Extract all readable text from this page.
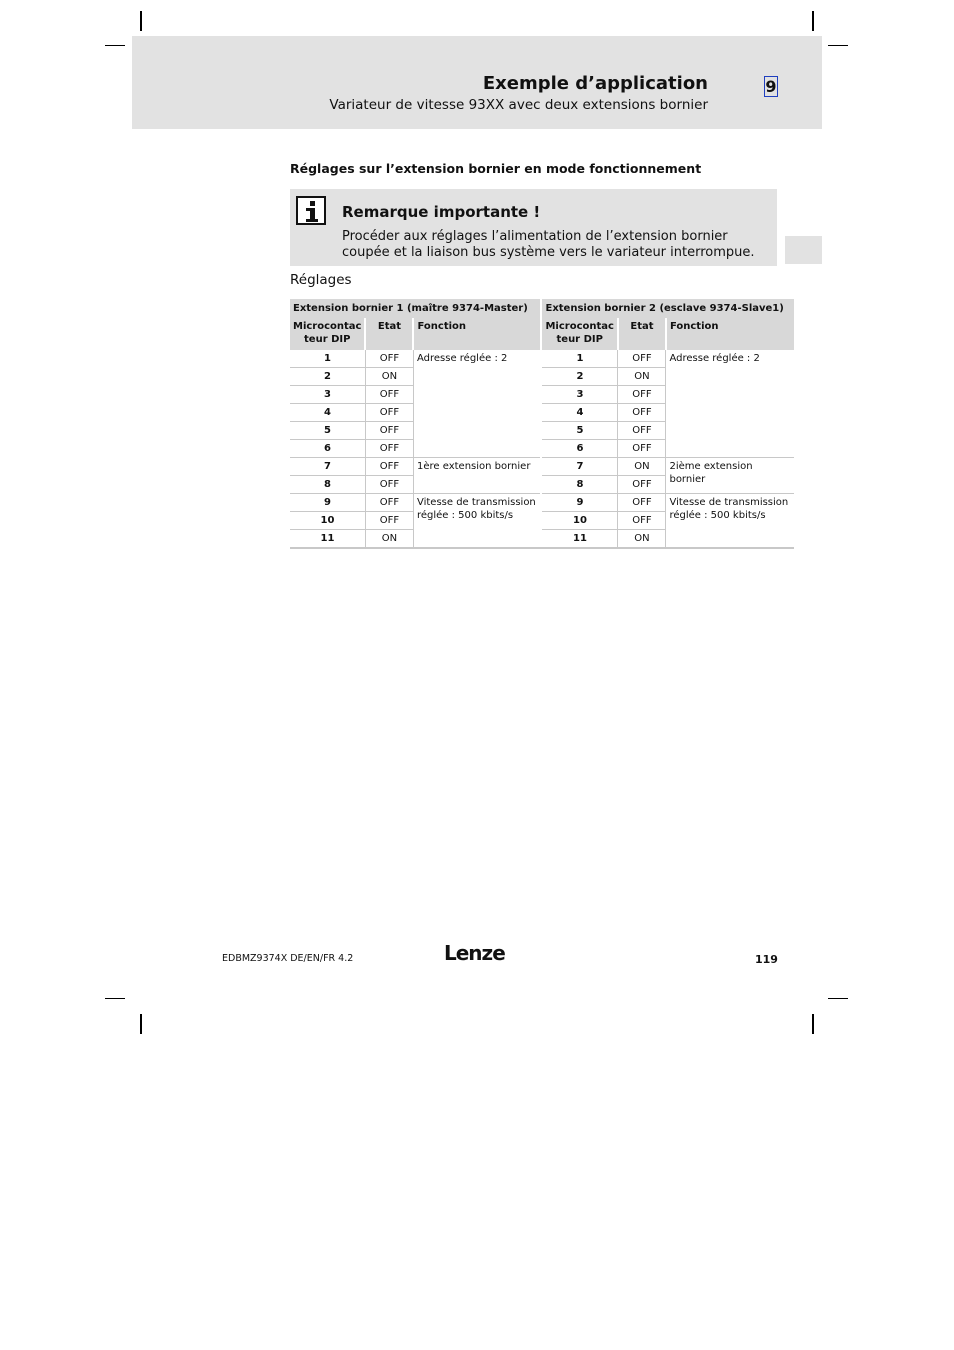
Exemple d’application
Variateur de vitesse 93XX avec deux extensions bornier
9
Réglages sur l’extension bornier en mode fonctionnement
Remarque importante !
Procéder aux réglages l’alimentation de l’extension bornier coupée et la liaison bus système vers le variateur interrompue.
Réglages
Extension bornier 1 (maître 9374-Master)			Extension bornier 2 (esclave 9374-Slave1)		
Microcontac teur DIP	Etat	Fonction	Microcontac teur DIP	Etat	Fonction
1	OFF	Adresse réglée : 2	1	OFF	Adresse réglée : 2
2	ON		2	ON	
3	OFF		3	OFF	
4	OFF		4	OFF	
5	OFF		5	OFF	
6	OFF		6	OFF	
7	OFF	1ère extension bornier	7	ON	2ième extension bornier
8	OFF		8	OFF	
9	OFF	Vitesse de transmission réglée : 500 kbits/s	9	OFF	Vitesse de transmission réglée : 500 kbits/s
10	OFF		10	OFF	
11	ON		11	ON	
EDBMZ9374X DE/EN/FR 4.2	Lenze	119
